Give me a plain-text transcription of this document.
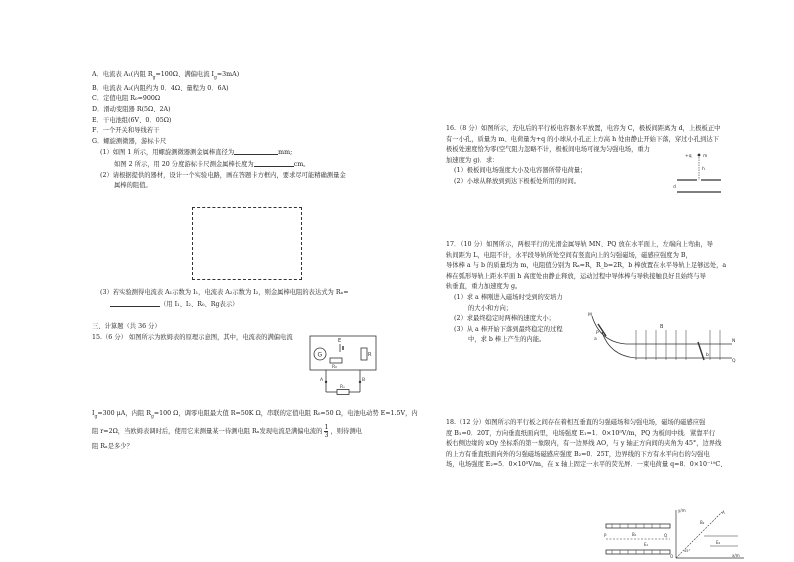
A．电流表 A₁(内阻 $R_g=100\Omega$、满偏电流 $I_g=3mA$)
B．电流表 A₂(内阻约为 0．4Ω、量程为 0．6A)
C．定值电阻 R₀=900Ω
D．滑动变阻器 R(5Ω、2A)
E．干电池组(6V、0．05Ω)
F．一个开关和导线若干
G．螺旋测微器，游标卡尺
(1）如图 1 所示，用螺旋测微器测金属棒直径为	mm;
如图 2 所示，用 20 分度游标卡尺测金属棒长度为	cm。
(2）请根据提供的器材，设计一个实验电路，画在答题卡方框内，要求尽可能精确测量金
属棒的阻值。
(3）若实验测得电流表 A₁示数为 I₁，电流表 A₂示数为 I₂，则金属棒电阻的表达式为 Rₓ=
（用 I₁、I₂、R₀、Rg表示）
三、计算题（共 36 分）
15.（6 分） 如图所示为欧姆表的原理示意图，其中，电流表的满偏电流
G
E
R
R₀
A	B
Rₓ
$I_g=300$ μA，内阻 $R_g=100$ Ω，调零电阻最大值 R=50K Ω，串联的定值电阻 R₀=50 Ω，电池电动势 E=1.5V，内
阻 r=2Ω，当欧姆表调时后，使用它来测量某一待测电阻 Rₓ发现电流是满偏电流的 $\frac{1}{3}$ ，则待测电
阻 Rₓ是多少？
16.（8 分）如图所示，充电后的平行板电容器水平放置，电容为 C，极板间距离为 d，上极板正中
有一小孔，质量为 m、电荷量为+q 的小球从小孔正上方高 h 处由静止开始下落，穿过小孔到达下
极板处速度恰为零(空气阻力忽略不计，极板间电场可视为匀强电场，重力
加速度为 g)．求：
(1）极板间电场强度大小及电容器所带电荷量；
(2）小球从释放到到达下极板处所用的时间。
+q	m
h
d
17．（10 分）如图所示，两根平行的光滑金属导轨 MN、PQ 放在水平面上，左端向上弯曲，导
轨间距为 L，电阻不计，水平段导轨所处空间有竖直向上的匀强磁场，磁感应强度为 B，
导体棒 a 与 b 的质量均为 m，电阻值分别为 Rₐ=R，R_b=2R，b 棒放置在水平导轨上足够远处，a
棒在弧形导轨上距水平面 h 高度处由静止释放，运动过程中导体棒与导轨接触良好且始终与导
轨垂直，重力加速度为 g。
(1）求 a 棒刚进入磁场时受到的安培力
的大小和方向；
(2）求最终稳定时两棒的速度大小；
(3）从 a 棒开始下落到最终稳定的过程
中，求 b 棒上产生的内能。
M
N
P
Q
a
b
B
18.（12 分）如图所示的平行板之间存在着相互垂直的匀强磁场和匀强电场，磁场的磁感应强
度 B₁=0．20T，方向垂直纸面向里，电场强度 E₁=1．0×10⁵V/m，PQ 为板间中线．紧靠平行
板右侧边缘的 xOy 坐标系的第一象限内，有一边界线 AO，与 y 轴正方向间的夹角为 45°，边界线
的上方有垂直纸面向外的匀强磁场磁感应强度 B₂=0．25T，边界线的下方有水平向右的匀强电
场，电场强度 E₂=5．0×10⁵V/m，在 x 轴上固定一水平的荧光屏．一束电荷量 q=8．0×10⁻¹⁹C、
P	Q
B₁
E₁
y/m
x/m
O
A
B₂
E₂
45°
